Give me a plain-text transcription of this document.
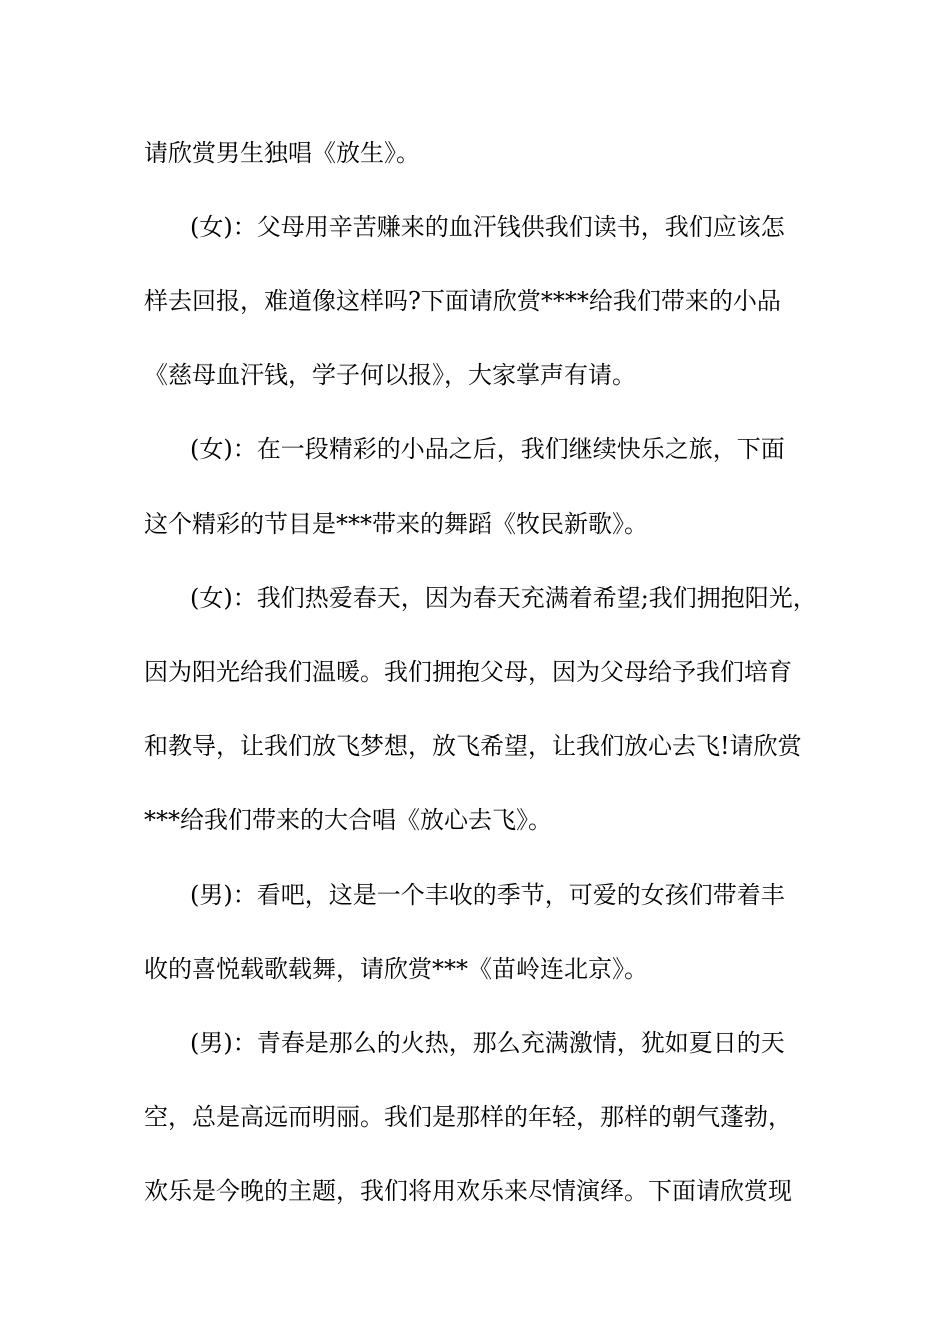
请欣赏男生独唱《放生》。

(女)：父母用辛苦赚来的血汗钱供我们读书，我们应该怎

样去回报，难道像这样吗?下面请欣赏****给我们带来的小品

《慈母血汗钱，学子何以报》，大家掌声有请。

(女)：在一段精彩的小品之后，我们继续快乐之旅，下面

这个精彩的节目是***带来的舞蹈《牧民新歌》。

(女)：我们热爱春天，因为春天充满着希望;我们拥抱阳光，

因为阳光给我们温暖。我们拥抱父母，因为父母给予我们培育

和教导，让我们放飞梦想，放飞希望，让我们放心去飞!请欣赏

***给我们带来的大合唱《放心去飞》。

(男)：看吧，这是一个丰收的季节，可爱的女孩们带着丰

收的喜悦载歌载舞，请欣赏***《苗岭连北京》。

(男)：青春是那么的火热，那么充满激情，犹如夏日的天

空，总是高远而明丽。我们是那样的年轻，那样的朝气蓬勃，

欢乐是今晚的主题，我们将用欢乐来尽情演绎。下面请欣赏现
